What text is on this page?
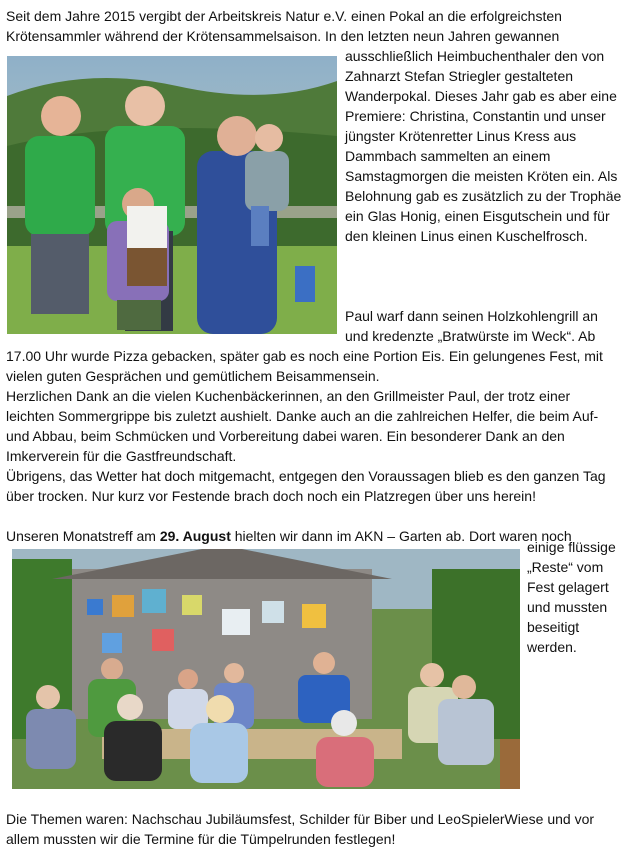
Seit dem Jahre 2015 vergibt der Arbeitskreis Natur e.V. einen Pokal an die erfolgreichsten Krötensammler während der Krötensammelsaison. In den letzten neun Jahren gewannen

ausschließlich Heimbuchenthaler den von Zahnarzt Stefan Striegler gestalteten Wanderpokal. Dieses Jahr gab es aber eine Premiere: Christina, Constantin und unser jüngster Krötenretter Linus Kress aus Dammbach sammelten an einem Samstagmorgen die meisten Kröten ein. Als Belohnung gab es zusätzlich zu der Trophäe ein Glas Honig, einen Eisgutschein und für den kleinen Linus einen Kuschelfrosch.

Paul warf dann seinen Holzkohlengrill an und kredenzte „Bratwürste im Weck“. Ab

17.00 Uhr wurde Pizza gebacken, später gab es noch eine Portion Eis. Ein gelungenes Fest, mit vielen guten Gesprächen und gemütlichem Beisammensein.

Herzlichen Dank an die vielen Kuchenbäckerinnen, an den Grillmeister Paul, der trotz einer leichten Sommergrippe bis zuletzt aushielt. Danke auch an die zahlreichen Helfer, die beim Auf- und Abbau, beim Schmücken und Vorbereitung dabei waren. Ein besonderer Dank an den Imkerverein für die Gastfreundschaft.

Übrigens, das Wetter hat doch mitgemacht, entgegen den Voraussagen blieb es den ganzen Tag über trocken. Nur kurz vor Festende brach doch noch ein Platzregen über uns herein!

Unseren Monatstreff am 29. August hielten wir dann im AKN – Garten ab. Dort waren noch

einige flüssige „Reste“ vom Fest gelagert und mussten beseitigt werden.

Die Themen waren: Nachschau Jubiläumsfest, Schilder für Biber und LeoSpielerWiese und vor allem mussten wir die Termine für die Tümpelrunden festlegen!
